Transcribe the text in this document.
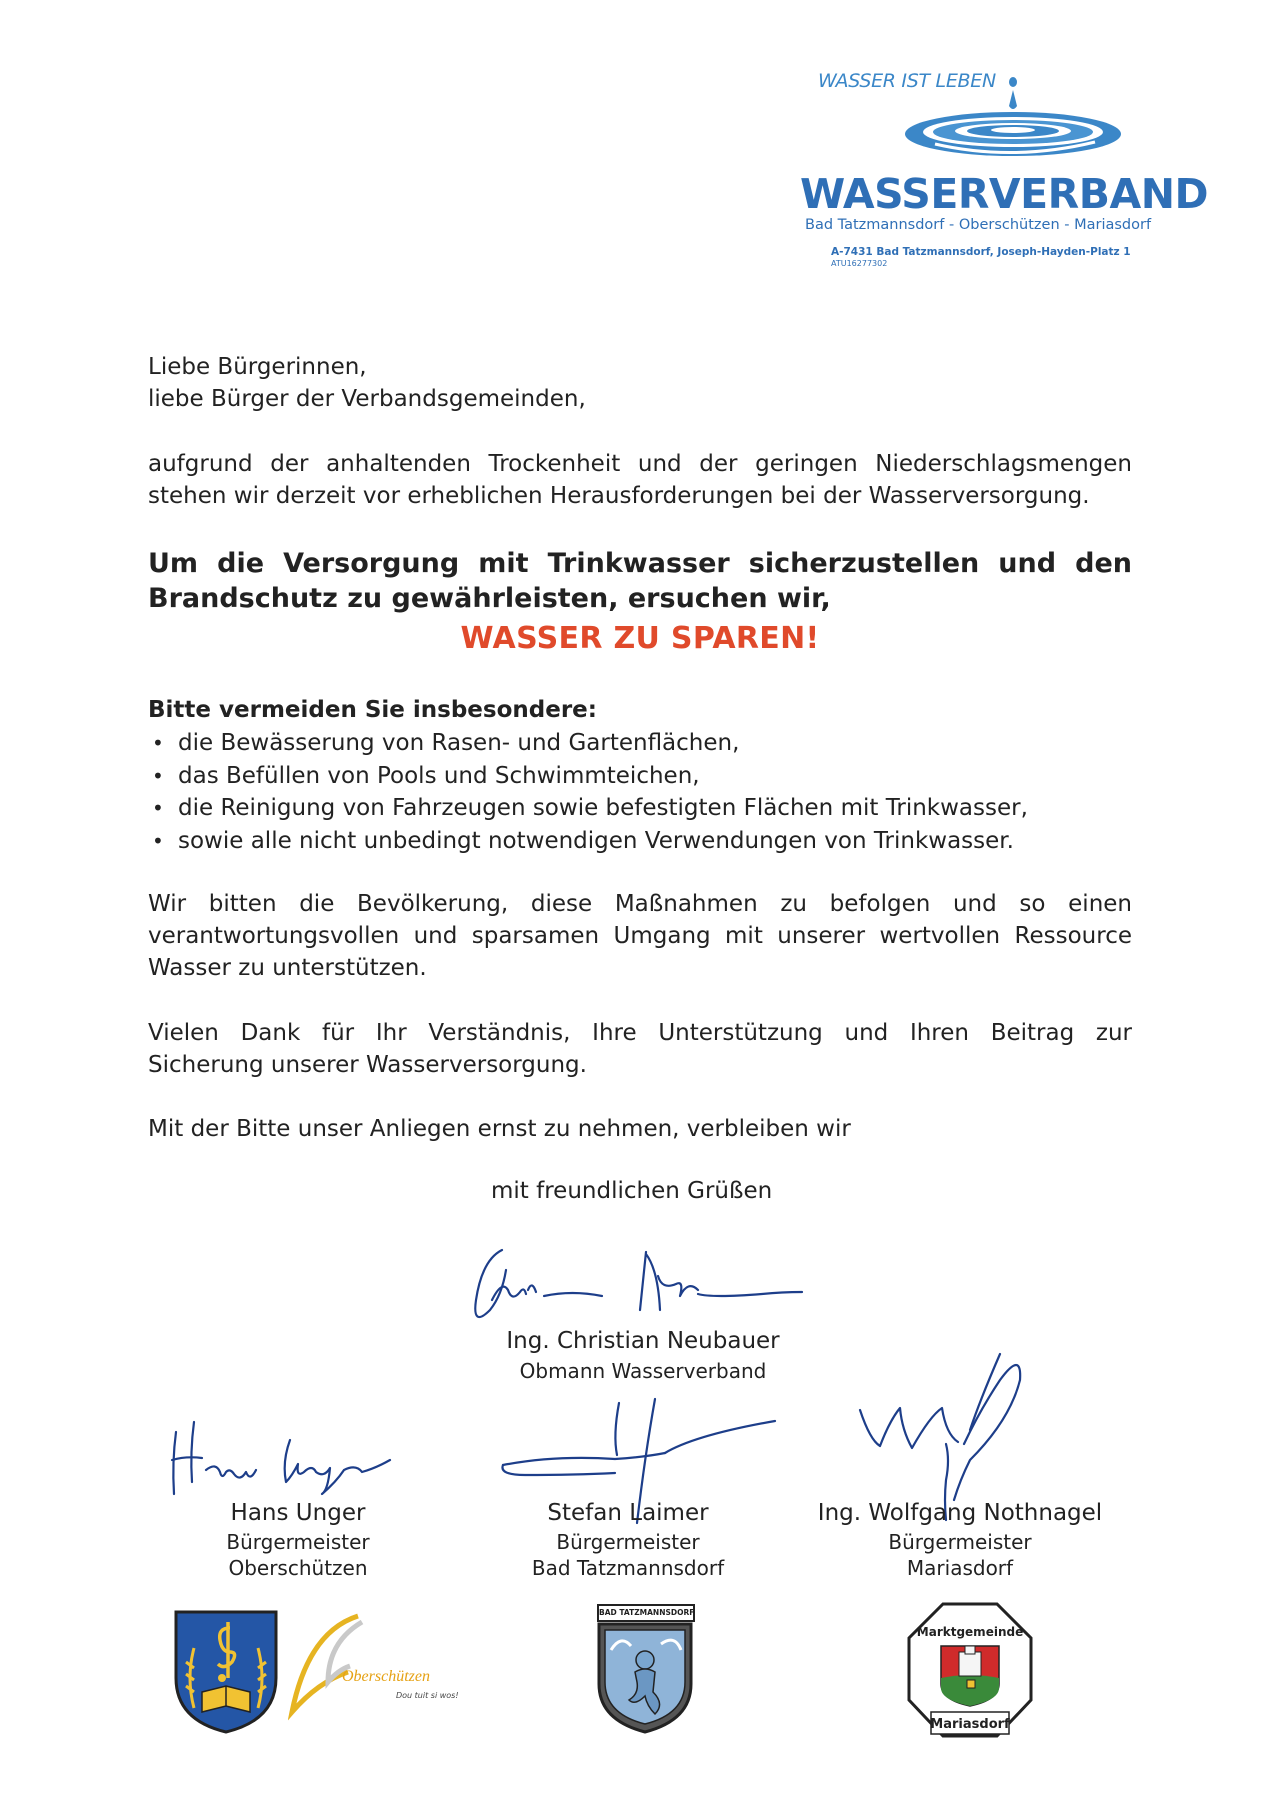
WASSER IST LEBEN
WASSERVERBAND
Bad Tatzmannsdorf - Oberschützen - Mariasdorf
A-7431 Bad Tatzmannsdorf, Joseph-Hayden-Platz 1
ATU16277302
Liebe Bürgerinnen,
liebe Bürger der Verbandsgemeinden,
aufgrund der anhaltenden Trockenheit und der geringen Niederschlagsmengen
stehen wir derzeit vor erheblichen Herausforderungen bei der Wasserversorgung.
Um die Versorgung mit Trinkwasser sicherzustellen und den
Brandschutz zu gewährleisten, ersuchen wir,
WASSER ZU SPAREN!
Bitte vermeiden Sie insbesondere:
• die Bewässerung von Rasen- und Gartenflächen,
• das Befüllen von Pools und Schwimmteichen,
• die Reinigung von Fahrzeugen sowie befestigten Flächen mit Trinkwasser,
• sowie alle nicht unbedingt notwendigen Verwendungen von Trinkwasser.
Wir bitten die Bevölkerung, diese Maßnahmen zu befolgen und so einen
verantwortungsvollen und sparsamen Umgang mit unserer wertvollen Ressource
Wasser zu unterstützen.
Vielen Dank für Ihr Verständnis, Ihre Unterstützung und Ihren Beitrag zur
Sicherung unserer Wasserversorgung.
Mit der Bitte unser Anliegen ernst zu nehmen, verbleiben wir
mit freundlichen Grüßen
Ing. Christian Neubauer
Obmann Wasserverband
Hans Unger
Bürgermeister
Oberschützen
Stefan Laimer
Bürgermeister
Bad Tatzmannsdorf
Ing. Wolfgang Nothnagel
Bürgermeister
Mariasdorf
Oberschützen
Dou tuit si wos!
BAD TATZMANNSDORF
Marktgemeinde
Mariasdorf
